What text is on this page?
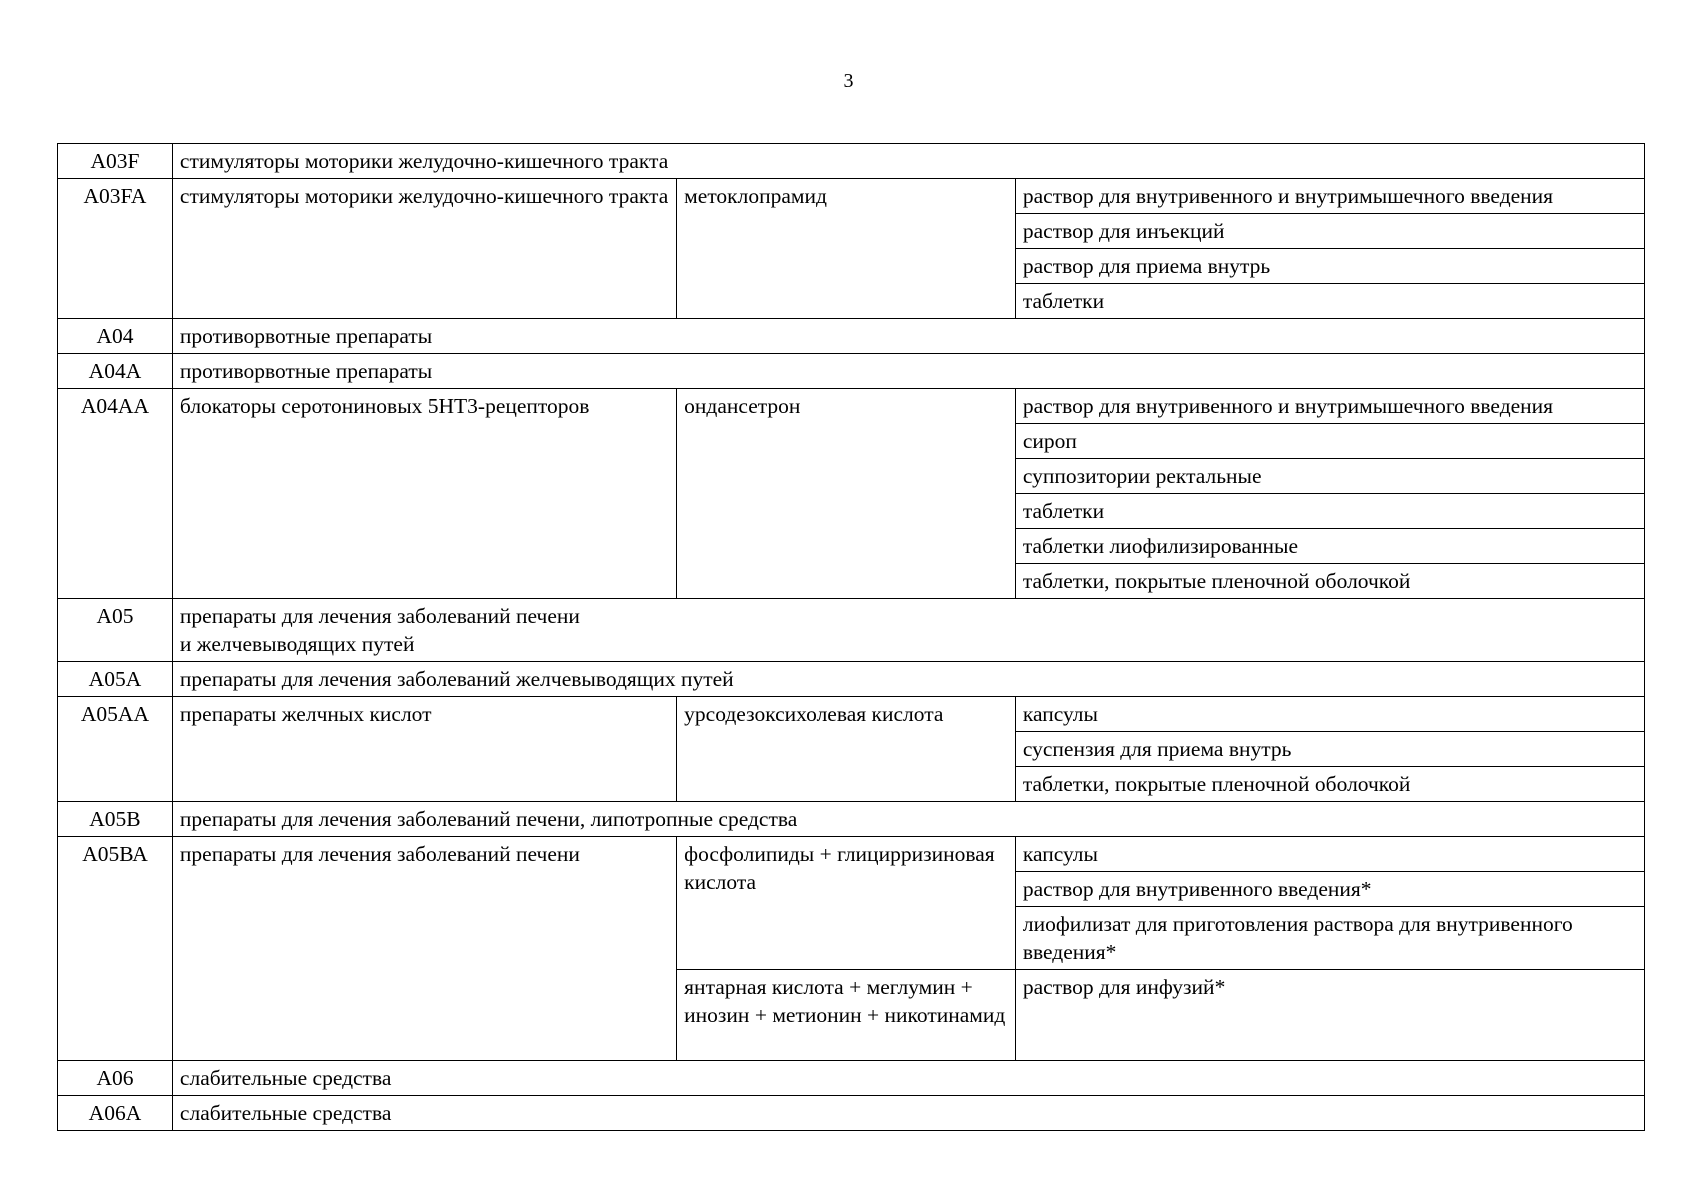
3
А03F	стимуляторы моторики желудочно-кишечного тракта		
А03FA	стимуляторы моторики желудочно-кишечного тракта	метоклопрамид	раствор для внутривенного и внутримышечного введения
			раствор для инъекций
			раствор для приема внутрь
			таблетки
А04	противорвотные препараты		
А04А	противорвотные препараты		
А04АА	блокаторы серотониновых 5HT3-рецепторов	ондансетрон	раствор для внутривенного и внутримышечного введения
			сироп
			суппозитории ректальные
			таблетки
			таблетки лиофилизированные
			таблетки, покрытые пленочной оболочкой
А05	препараты для лечения заболеваний печени
и желчевыводящих путей		
А05А	препараты для лечения заболеваний желчевыводящих путей		
А05АА	препараты желчных кислот	урсодезоксихолевая кислота	капсулы
			суспензия для приема внутрь
			таблетки, покрытые пленочной оболочкой
А05В	препараты для лечения заболеваний печени, липотропные средства		
А05ВА	препараты для лечения заболеваний печени	фосфолипиды + глицирризиновая кислота	капсулы
			раствор для внутривенного введения*
			лиофилизат для приготовления раствора для внутривенного введения*
		янтарная кислота + меглумин + инозин + метионин + никотинамид	раствор для инфузий*
А06	слабительные средства		
А06А	слабительные средства		
